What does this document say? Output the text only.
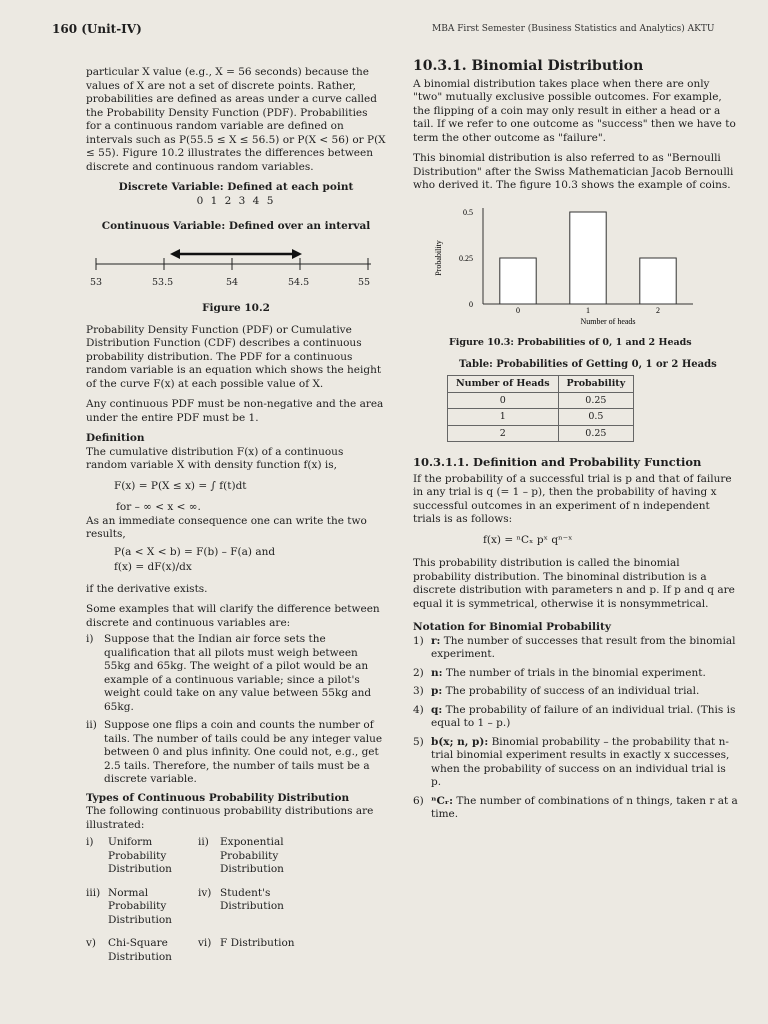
160 (Unit-IV)	MBA First Semester (Business Statistics and Analytics) AKTU

particular X value (e.g., X = 56 seconds) because the values of X are not a set of discrete points. Rather, probabilities are defined as areas under a curve called the Probability Density Function (PDF). Probabilities for a continuous random variable are defined on intervals such as P(55.5 ≤ X ≤ 56.5) or P(X < 56) or P(X ≤ 55). Figure 10.2 illustrates the differences between discrete and continuous random variables.

Discrete Variable: Defined at each point
0 1 2 3 4 5
Continuous Variable: Defined over an interval
53	53.5	54	54.5	55
Figure 10.2

Probability Density Function (PDF) or Cumulative Distribution Function (CDF) describes a continuous probability distribution. The PDF for a continuous random variable is an equation which shows the height of the curve F(x) at each possible value of X.

Any continuous PDF must be non-negative and the area under the entire PDF must be 1.

Definition

The cumulative distribution F(x) of a continuous random variable X with density function f(x) is,

F(x) = P(X ≤ x) = ∫ f(t)dt
for – ∞ < x < ∞.
As an immediate consequence one can write the two results,
P(a < X < b) = F(b) – F(a) and
f(x) = dF(x)/dx

if the derivative exists.

Some examples that will clarify the difference between discrete and continuous variables are:

i)	Suppose that the Indian air force sets the qualification that all pilots must weigh between 55kg and 65kg. The weight of a pilot would be an example of a continuous variable; since a pilot's weight could take on any value between 55kg and 65kg.
ii) Suppose one flips a coin and counts the number of tails. The number of tails could be any integer value between 0 and plus infinity. One could not, e.g., get 2.5 tails. Therefore, the number of tails must be a discrete variable.
Types of Continuous Probability Distribution
The following continuous probability distributions are illustrated:
i)	Uniform Probability Distribution
ii)	Exponential Probability Distribution
iii) Normal Probability Distribution
iv) Student's Distribution
v)	Chi-Square Distribution
vi) F Distribution
10.3.1. Binomial Distribution

A binomial distribution takes place when there are only "two" mutually exclusive possible outcomes. For example, the flipping of a coin may only result in either a head or a tail. If we refer to one outcome as "success" then we have to term the other outcome as "failure".

This binomial distribution is also referred to as "Bernoulli Distribution" after the Swiss Mathematician Jacob Bernoulli who derived it. The figure 10.3 shows the example of coins.

0
0.25
0.5
0	1	2
Number of heads
Probability
Figure 10.3: Probabilities of 0, 1 and 2 Heads
Table: Probabilities of Getting 0, 1 or 2 Heads
Number of Heads	Probability
0	0.25
1	0.5
2	0.25
10.3.1.1. Definition and Probability Function

If the probability of a successful trial is p and that of failure in any trial is q (= 1 – p), then the probability of having x successful outcomes in an experiment of n independent trials is as follows:

f(x) = ⁿCₓ pˣ qⁿ⁻ˣ

This probability distribution is called the binomial probability distribution. The binominal distribution is a discrete distribution with parameters n and p. If p and q are equal it is symmetrical, otherwise it is nonsymmetrical.

Notation for Binomial Probability
1) r: The number of successes that result from the binomial experiment.
2) n: The number of trials in the binomial experiment.
3) p: The probability of success of an individual trial.
4) q: The probability of failure of an individual trial. (This is equal to 1 – p.)
5) b(x; n, p): Binomial probability – the probability that n-trial binomial experiment results in exactly x successes, when the probability of success on an individual trial is p.
6) ⁿCᵣ: The number of combinations of n things, taken r at a time.
